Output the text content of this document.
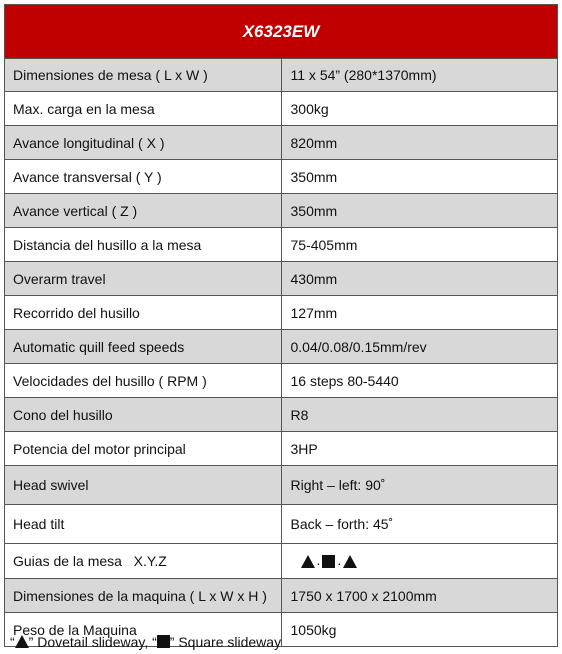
X6323EW	
Dimensiones de mesa ( L x W )	11 x 54” (280*1370mm)
Max. carga en la mesa	300kg
Avance longitudinal ( X )	820mm
Avance transversal ( Y )	350mm
Avance vertical ( Z )	350mm
Distancia del husillo a la mesa	75-405mm
Overarm travel	430mm
Recorrido del husillo	127mm
Automatic quill feed speeds	0.04/0.08/0.15mm/rev
Velocidades del husillo ( RPM )	16 steps 80-5440
Cono del husillo	R8
Potencia del motor principal	3HP
Head swivel	Right – left: 90˚
Head tilt	Back – forth: 45˚
Guias de la mesa   X.Y.Z	. .
Dimensiones de la maquina ( L x W x H )	1750 x 1700 x 2100mm
Peso de la Maquina	1050kg
“ ” Dovetail slideway, “ ” Square slideway
